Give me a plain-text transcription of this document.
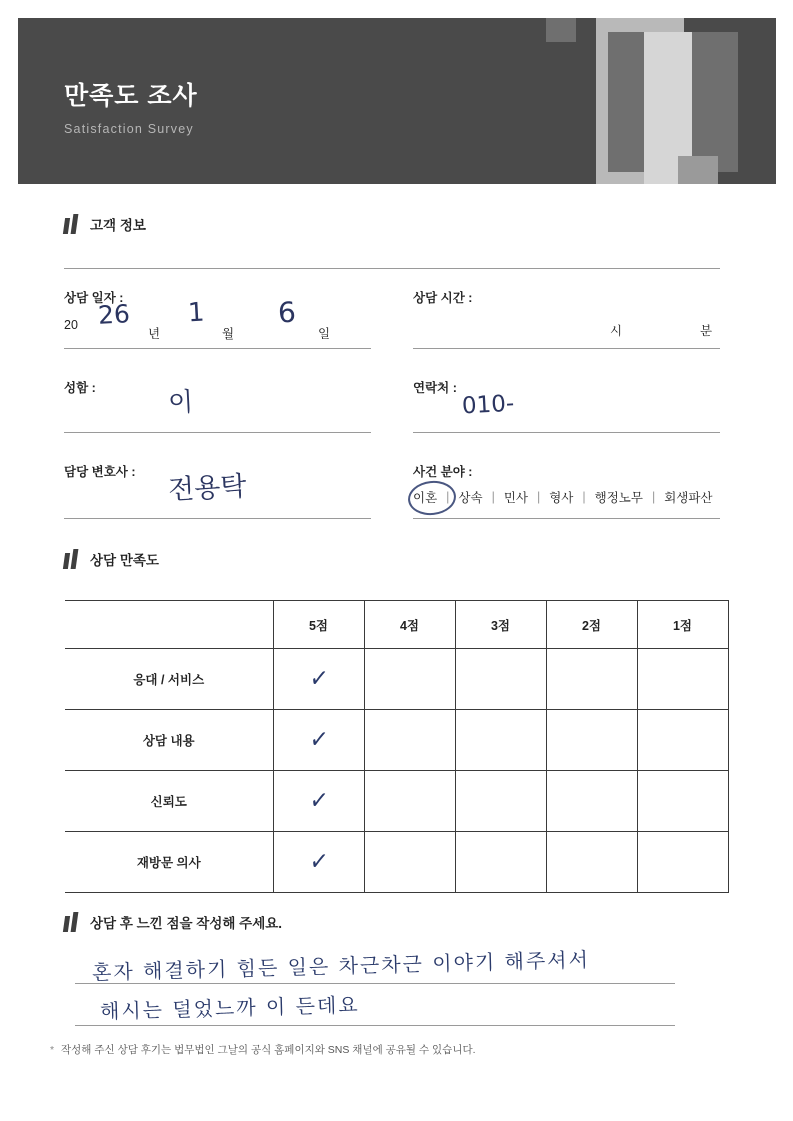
만족도 조사
Satisfaction Survey
고객 정보
상담 일자 :
20 26
년
1
월
6
일
상담 시간 :
시	분
성함 :	이	연락처 :
010-
담당 변호사 : 전용탁	사건 분야 :
이혼 | 상속 | 민사 | 형사 | 행정노무 | 회생파산
상담 만족도
	5점	4점	3점	2점	1점
응대 / 서비스	✓				
상담 내용	✓				
신뢰도	✓				
재방문 의사	✓				
상담 후 느낀 점을 작성해 주세요.
혼자 해결하기 힘든 일은 차근차근 이야기 해주셔서
해시는 덜었느까 이 든데요
* 작성해 주신 상담 후기는 법무법인 그날의 공식 홈페이지와 SNS 채널에 공유될 수 있습니다.
